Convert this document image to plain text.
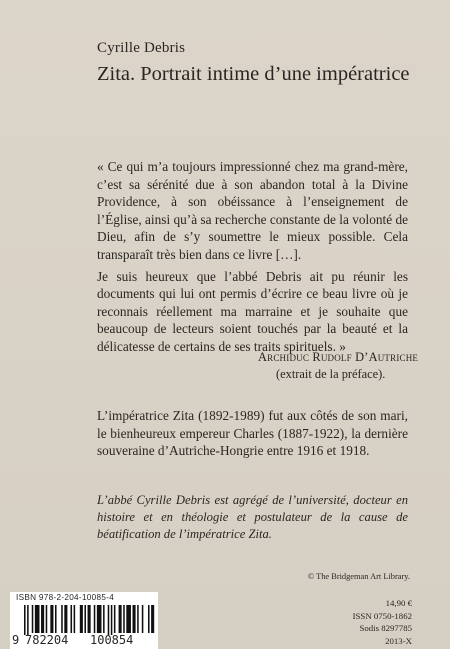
Cyrille Debris
Zita. Portrait intime d’une impératrice

« Ce qui m’a toujours impressionné chez ma grand-mère, c’est sa sérénité due à son abandon total à la Divine Providence, à son obéissance à l’enseignement de l’Église, ainsi qu’à sa recherche constante de la volonté de Dieu, afin de s’y soumettre le mieux possible. Cela transparaît très bien dans ce livre […].

Je suis heureux que l’abbé Debris ait pu réunir les documents qui lui ont permis d’écrire ce beau livre où je reconnais réellement ma marraine et je souhaite que beaucoup de lecteurs soient touchés par la beauté et la délicatesse de certains de ses traits spirituels. »

Archiduc Rudolf D’Autriche
(extrait de la préface).

L’impératrice Zita (1892-1989) fut aux côtés de son mari, le bienheureux empereur Charles (1887-1922), la dernière souveraine d’Autriche-Hongrie entre 1916 et 1918.

L’abbé Cyrille Debris est agrégé de l’université, docteur en histoire et en théologie et postulateur de la cause de béatification de l’impératrice Zita.

© The Bridgeman Art Library.
ISBN 978-2-204-10085-4
9 782204 100854
14,90 €
ISSN 0750-1862
Sodis 8297785
2013-X
